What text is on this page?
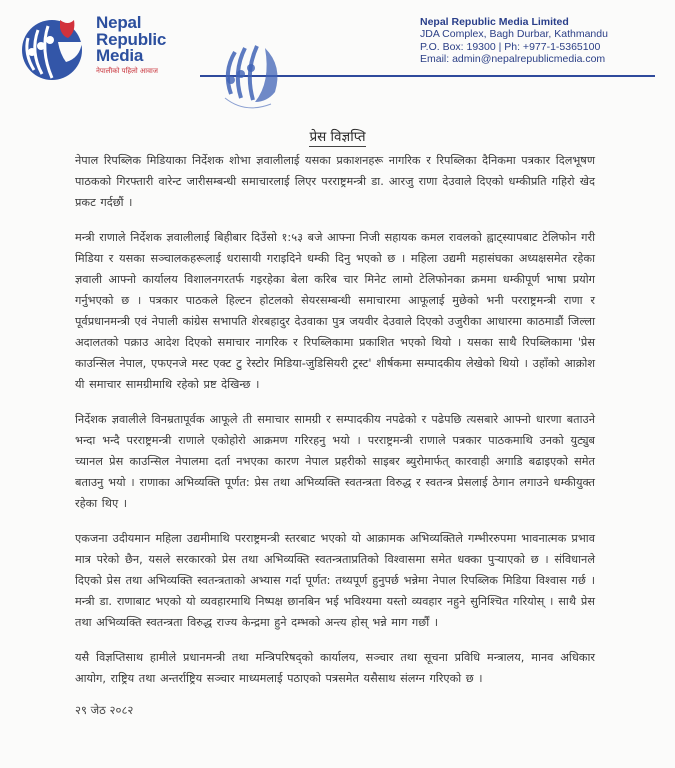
Nepal
Republic
Media
नेपालीको पहिलो आवाज
Nepal Republic Media Limited
JDA Complex, Bagh Durbar, Kathmandu
P.O. Box: 19300 | Ph: +977-1-5365100
Email: admin@nepalrepublicmedia.com
प्रेस विज्ञप्ति

नेपाल रिपब्लिक मिडियाका निर्देशक शोभा ज्ञवालीलाई यसका प्रकाशनहरू नागरिक र रिपब्लिका दैनिकमा पत्रकार दिलभूषण पाठकको गिरफ्तारी वारेन्ट जारीसम्बन्धी समाचारलाई लिएर परराष्ट्रमन्त्री डा. आरजु राणा देउवाले दिएको धम्कीप्रति गहिरो खेद प्रकट गर्दछौं ।

मन्त्री राणाले निर्देशक ज्ञवालीलाई बिहीबार दिउँसो १:५३ बजे आफ्ना निजी सहायक कमल रावलको ह्वाट्स्यापबाट टेलिफोन गरी मिडिया र यसका सञ्चालकहरूलाई धरासायी गराइदिने धम्की दिनु भएको छ । महिला उद्यमी महासंघका अध्यक्षसमेत रहेका ज्ञवाली आफ्नो कार्यालय विशालनगरतर्फ गइरहेका बेला करिब चार मिनेट लामो टेलिफोनका क्रममा धम्कीपूर्ण भाषा प्रयोग गर्नुभएको छ । पत्रकार पाठकले हिल्टन होटलको सेयरसम्बन्धी समाचारमा आफूलाई मुछेको भनी परराष्ट्रमन्त्री राणा र पूर्वप्रधानमन्त्री एवं नेपाली कांग्रेस सभापति शेरबहादुर देउवाका पुत्र जयवीर देउवाले दिएको उजुरीका आधारमा काठमाडौं जिल्ला अदालतको पक्राउ आदेश दिएको समाचार नागरिक र रिपब्लिकामा प्रकाशित भएको थियो । यसका साथै रिपब्लिकामा 'प्रेस काउन्सिल नेपाल, एफएनजे मस्ट एक्ट टु रेस्टोर मिडिया-जुडिसियरी ट्रस्ट' शीर्षकमा सम्पादकीय लेखेको थियो । उहाँको आक्रोश यी समाचार सामग्रीमाथि रहेको प्रष्ट देखिन्छ ।

निर्देशक ज्ञवालीले विनम्रतापूर्वक आफूले ती समाचार सामग्री र सम्पादकीय नपढेको र पढेपछि त्यसबारे आफ्नो धारणा बताउने भन्दा भन्दै परराष्ट्रमन्त्री राणाले एकोहोरो आक्रमण गरिरहनु भयो । परराष्ट्रमन्त्री राणाले पत्रकार पाठकमाथि उनको युट्युब च्यानल प्रेस काउन्सिल नेपालमा दर्ता नभएका कारण नेपाल प्रहरीको साइबर ब्युरोमार्फत् कारवाही अगाडि बढाइएको समेत बताउनु भयो । राणाका अभिव्यक्ति पूर्णत: प्रेस तथा अभिव्यक्ति स्वतन्त्रता विरुद्ध र स्वतन्त्र प्रेसलाई ठेगान लगाउने धम्कीयुक्त रहेका थिए ।

एकजना उदीयमान महिला उद्यमीमाथि परराष्ट्रमन्त्री स्तरबाट भएको यो आक्रामक अभिव्यक्तिले गम्भीररुपमा भावनात्मक प्रभाव मात्र परेको छैन, यसले सरकारको प्रेस तथा अभिव्यक्ति स्वतन्त्रताप्रतिको विश्वासमा समेत धक्का पुऱ्याएको छ । संविधानले दिएको प्रेस तथा अभिव्यक्ति स्वतन्त्रताको अभ्यास गर्दा पूर्णत: तथ्यपूर्ण हुनुपर्छ भन्नेमा नेपाल रिपब्लिक मिडिया विश्वास गर्छ । मन्त्री डा. राणाबाट भएको यो व्यवहारमाथि निष्पक्ष छानबिन भई भविश्यमा यस्तो व्यवहार नहुने सुनिश्चित गरियोस् । साथै प्रेस तथा अभिव्यक्ति स्वतन्त्रता विरुद्ध राज्य केन्द्रमा हुने दम्भको अन्त्य होस् भन्ने माग गर्छौं ।

यसै विज्ञप्तिसाथ हामीले प्रधानमन्त्री तथा मन्त्रिपरिषद्को कार्यालय, सञ्चार तथा सूचना प्रविधि मन्त्रालय, मानव अधिकार आयोग, राष्ट्रिय तथा अन्तर्राष्ट्रिय सञ्चार माध्यमलाई पठाएको पत्रसमेत यसैसाथ संलग्न गरिएको छ ।

२९ जेठ २०८२
